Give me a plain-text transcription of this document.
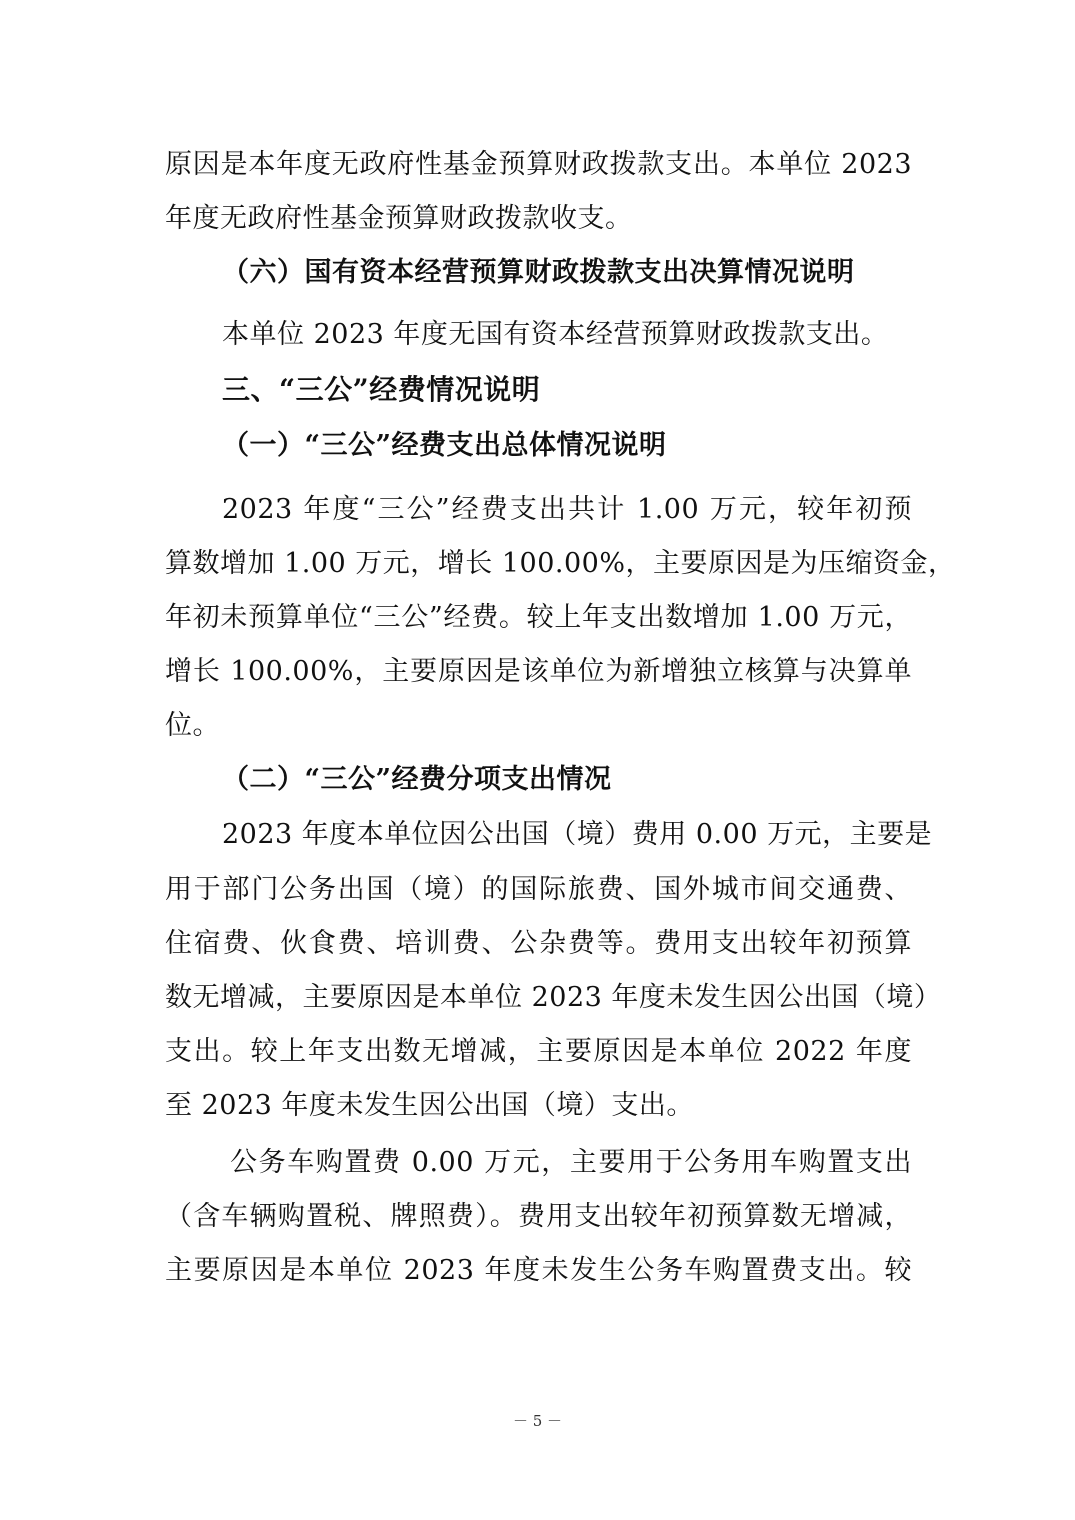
原因是本年度无政府性基金预算财政拨款支出。本单位 2023
年度无政府性基金预算财政拨款收支。
（六）国有资本经营预算财政拨款支出决算情况说明
本单位 2023 年度无国有资本经营预算财政拨款支出。
三、“三公”经费情况说明
（一）“三公”经费支出总体情况说明
2023 年度“三公”经费支出共计 1.00 万元，较年初预
算数增加 1.00 万元，增长 100.00%，主要原因是为压缩资金，
年初未预算单位“三公”经费。较上年支出数增加 1.00 万元，
增长 100.00%，主要原因是该单位为新增独立核算与决算单
位。
（二）“三公”经费分项支出情况
2023 年度本单位因公出国（境）费用 0.00 万元，主要是
用于部门公务出国（境）的国际旅费、国外城市间交通费、
住宿费、伙食费、培训费、公杂费等。费用支出较年初预算
数无增减，主要原因是本单位 2023 年度未发生因公出国（境）
支出。较上年支出数无增减，主要原因是本单位 2022 年度
至 2023 年度未发生因公出国（境）支出。
公务车购置费 0.00 万元，主要用于公务用车购置支出
（含车辆购置税、牌照费）。费用支出较年初预算数无增减，
主要原因是本单位 2023 年度未发生公务车购置费支出。较
－ 5 －
